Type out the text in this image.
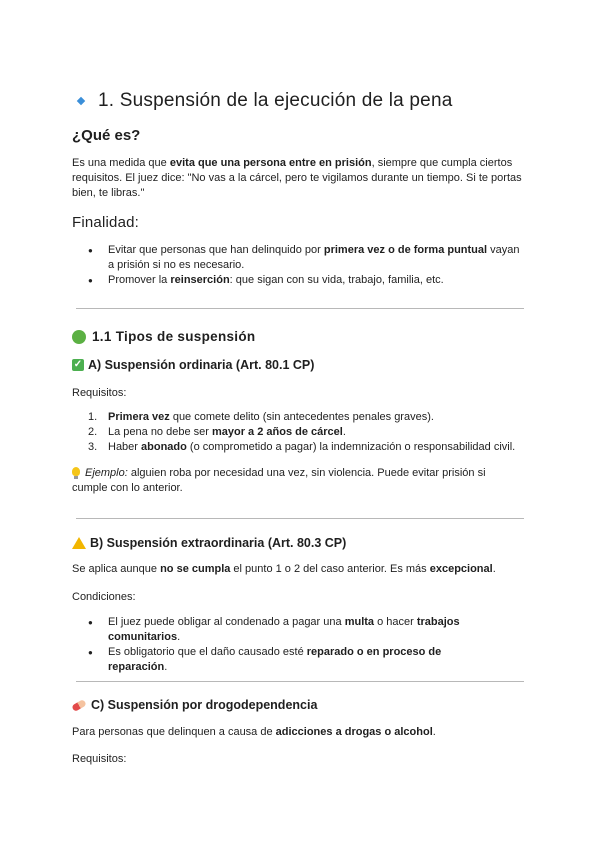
1. Suspensión de la ejecución de la pena
¿Qué es?

Es una medida que evita que una persona entre en prisión, siempre que cumpla ciertos requisitos. El juez dice: "No vas a la cárcel, pero te vigilamos durante un tiempo. Si te portas bien, te libras."

Finalidad:
● Evitar que personas que han delinquido por primera vez o de forma puntual vayan a prisión si no es necesario.
● Promover la reinserción: que sigan con su vida, trabajo, familia, etc.
1.1 Tipos de suspensión
✓ A) Suspensión ordinaria (Art. 80.1 CP)

Requisitos:

1. Primera vez que comete delito (sin antecedentes penales graves).
2. La pena no debe ser mayor a 2 años de cárcel.
3. Haber abonado (o comprometido a pagar) la indemnización o responsabilidad civil.

Ejemplo: alguien roba por necesidad una vez, sin violencia. Puede evitar prisión si cumple con lo anterior.

B) Suspensión extraordinaria (Art. 80.3 CP)

Se aplica aunque no se cumpla el punto 1 o 2 del caso anterior. Es más excepcional.

Condiciones:

● El juez puede obligar al condenado a pagar una multa o hacer trabajos comunitarios.
● Es obligatorio que el daño causado esté reparado o en proceso de reparación.
C) Suspensión por drogodependencia

Para personas que delinquen a causa de adicciones a drogas o alcohol.

Requisitos:
